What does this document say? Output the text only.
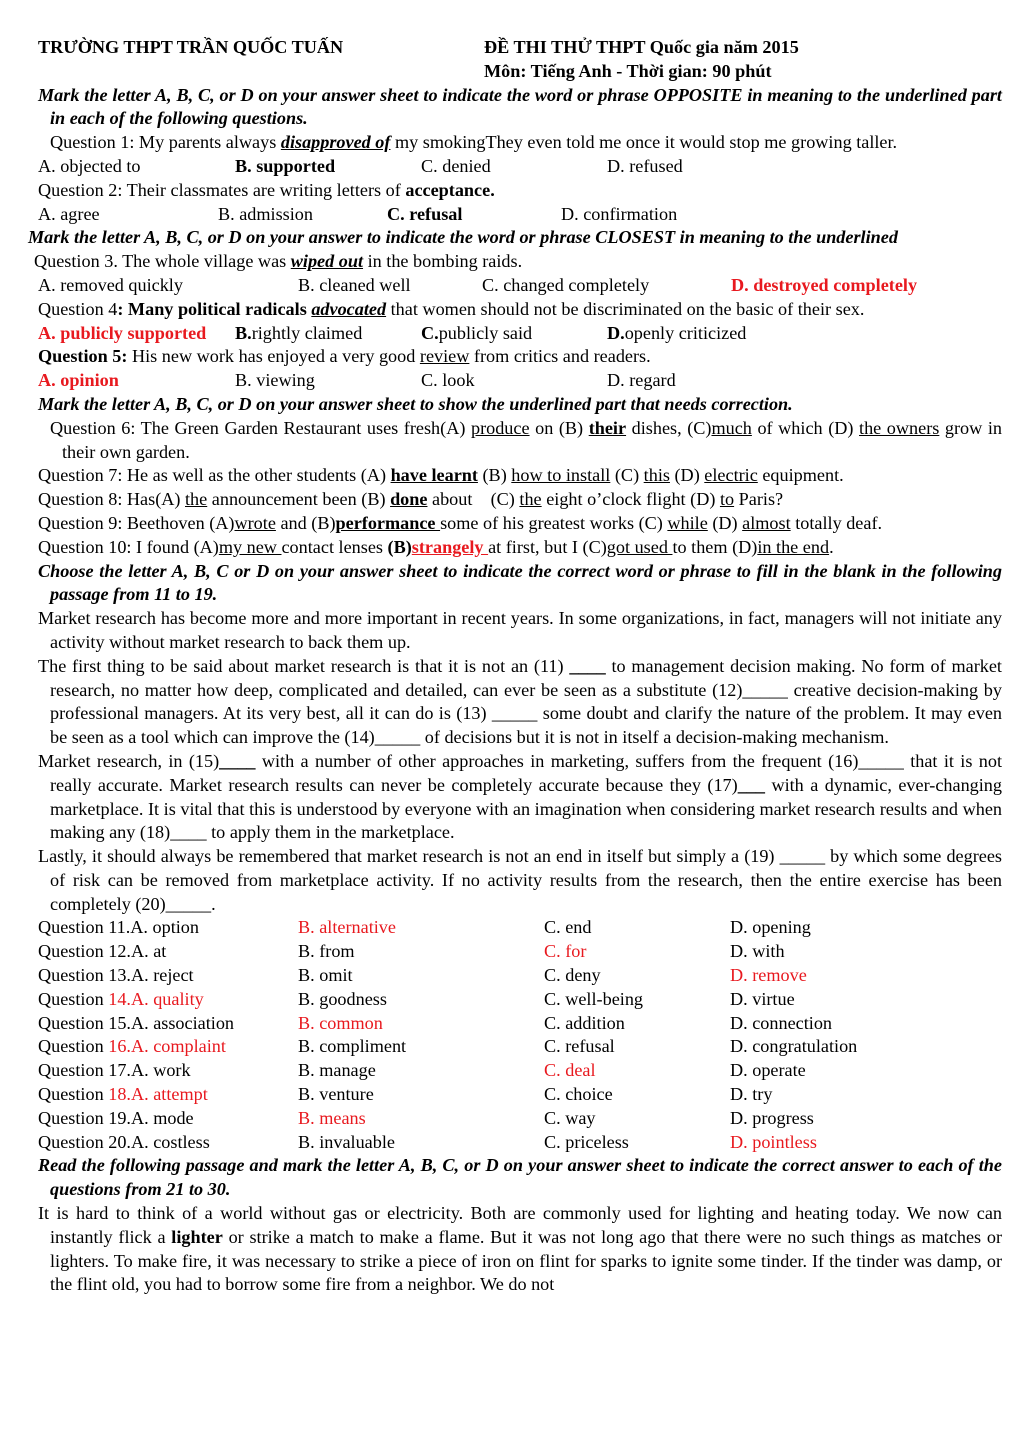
TRƯỜNG THPT TRẦN QUỐC TUẤN	ĐỀ THI THỬ THPT Quốc gia năm 2015
Môn: Tiếng Anh - Thời gian: 90 phút
Mark the letter A, B, C, or D on your answer sheet to indicate the word or phrase OPPOSITE in meaning to the underlined part in each of the following questions.
Question 1: My parents always disapproved of my smokingThey even told me once it would stop me growing taller.
A. objected to	B. supported	C. denied	D. refused
Question 2: Their classmates are writing letters of acceptance.
A. agree	B. admission	C. refusal	D. confirmation
Mark the letter A, B, C, or D on your answer to indicate the word or phrase CLOSEST in meaning to the underlined
Question 3. The whole village was wiped out in the bombing raids.
A. removed quickly	B. cleaned well	C. changed completely	D. destroyed completely
Question 4: Many political radicals advocated that women should not be discriminated on the basic of their sex.
A. publicly supported	B.rightly claimed	C.publicly said	D.openly criticized
Question 5: His new work has enjoyed a very good review from critics and readers.
A. opinion	B. viewing	C. look	D. regard
Mark the letter A, B, C, or D on your answer sheet to show the underlined part that needs correction.
Question 6: The Green Garden Restaurant uses fresh(A) produce on (B) their dishes, (C)much of which (D) the owners grow in their own garden.
Question 7: He as well as the other students (A) have learnt (B) how to install (C) this (D) electric equipment.
Question 8: Has(A) the announcement been (B) done about    (C) the eight o’clock flight (D) to Paris?
Question 9: Beethoven (A)wrote and (B)performance some of his greatest works (C) while (D) almost totally deaf.
Question 10: I found (A)my new contact lenses (B)strangely at first, but I (C)got used to them (D)in the end.
Choose the letter A, B, C or D on your answer sheet to indicate the correct word or phrase to fill in the blank in the following passage from 11 to 19.
Market research has become more and more important in recent years. In some organizations, in fact, managers will not initiate any activity without market research to back them up.
The first thing to be said about market research is that it is not an (11) ____ to management decision making. No form of market research, no matter how deep, complicated and detailed, can ever be seen as a substitute (12)_____ creative decision-making by professional managers. At its very best, all it can do is (13) _____ some doubt and clarify the nature of the problem. It may even be seen as a tool which can improve the (14)_____ of decisions but it is not in itself a decision-making mechanism.
Market research, in (15)____ with a number of other approaches in marketing, suffers from the frequent (16)_____ that it is not really accurate. Market research results can never be completely accurate because they (17)___ with a dynamic, ever-changing marketplace. It is vital that this is understood by everyone with an imagination when considering market research results and when making any (18)____ to apply them in the marketplace.
Lastly, it should always be remembered that market research is not an end in itself but simply a (19) _____ by which some degrees of risk can be removed from marketplace activity. If no activity results from the research, then the entire exercise has been completely (20)_____.
Question 11.A. option	B. alternative	C. end	D. opening
Question 12.A. at	B. from	C. for	D. with
Question 13.A. reject	B. omit	C. deny	D. remove
Question 14.A. quality	B. goodness	C. well-being	D. virtue
Question 15.A. association	B. common	C. addition	D. connection
Question 16.A. complaint	B. compliment	C. refusal	D. congratulation
Question 17.A. work	B. manage	C. deal	D. operate
Question 18.A. attempt	B. venture	C. choice	D. try
Question 19.A. mode	B. means	C. way	D. progress
Question 20.A. costless	B. invaluable	C. priceless	D. pointless
Read the following passage and mark the letter A, B, C, or D on your answer sheet to indicate the correct answer to each of the questions from 21 to 30.
It is hard to think of a world without gas or electricity. Both are commonly used for lighting and heating today. We now can instantly flick a lighter or strike a match to make a flame. But it was not long ago that there were no such things as matches or lighters. To make fire, it was necessary to strike a piece of iron on flint for sparks to ignite some tinder. If the tinder was damp, or the flint old, you had to borrow some fire from a neighbor. We do not
